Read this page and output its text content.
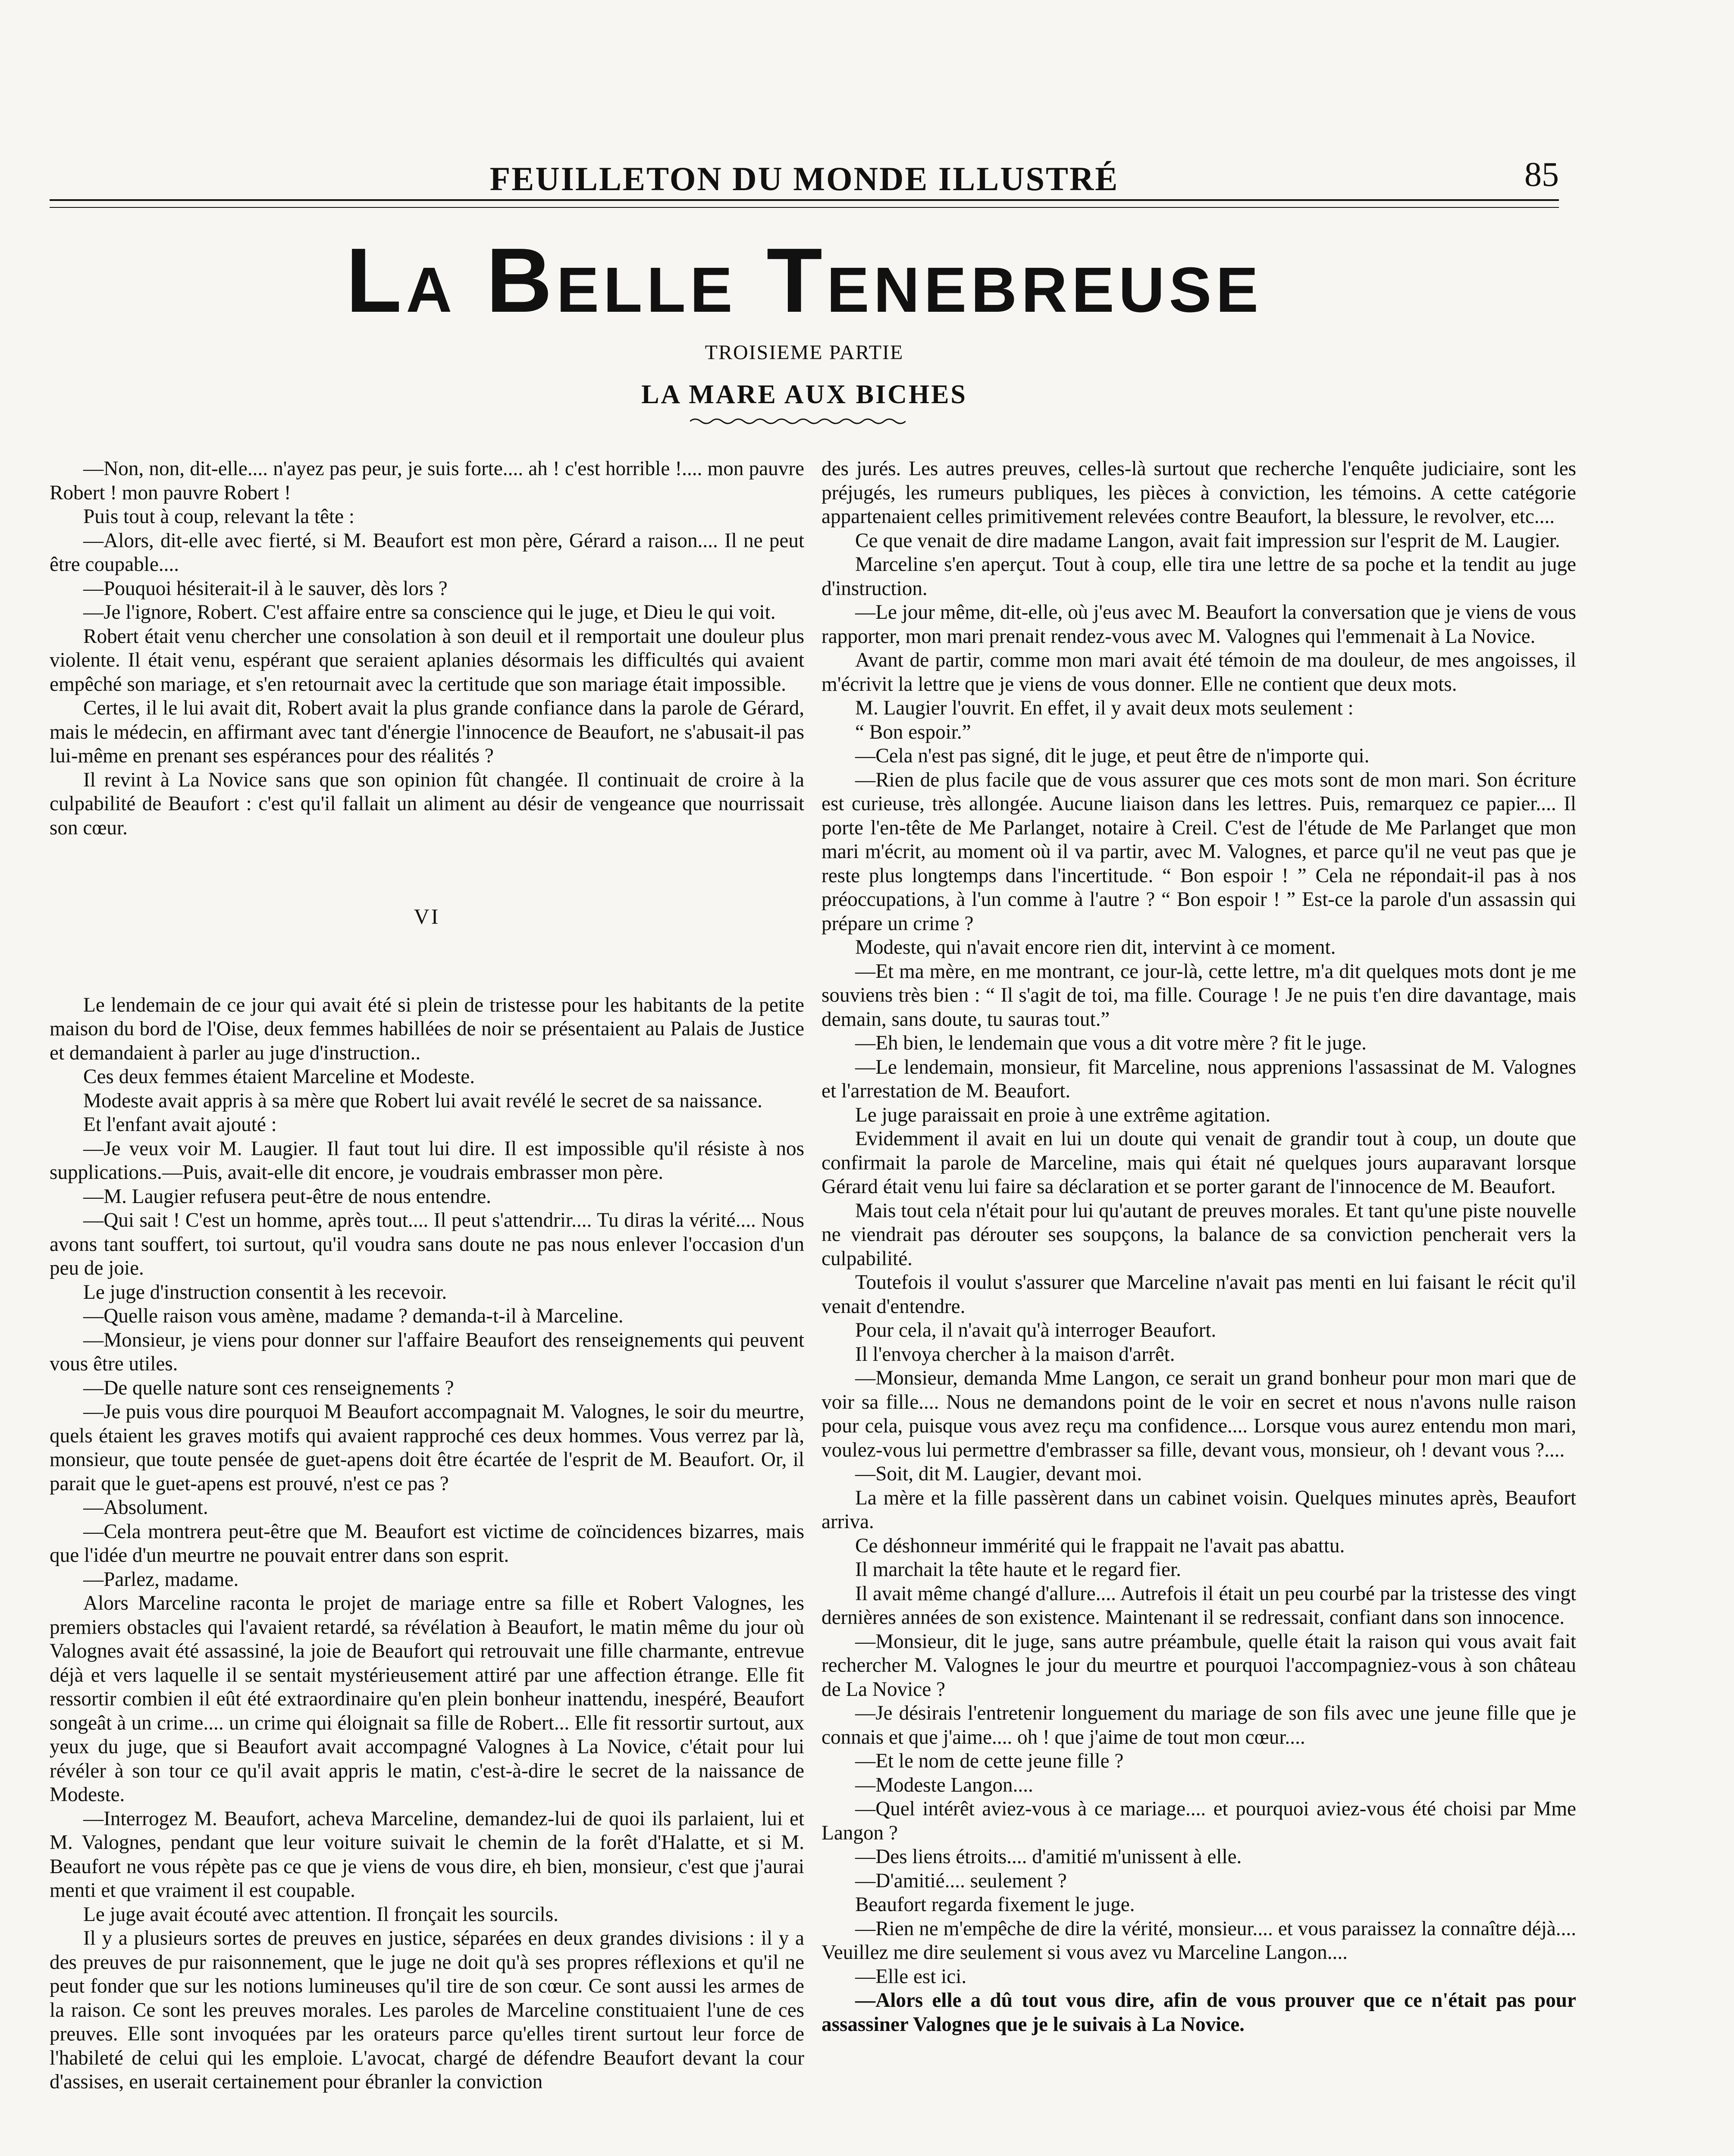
FEUILLETON DU MONDE ILLUSTRÉ	85
La Belle Tenebreuse
TROISIEME PARTIE
LA MARE AUX BICHES

—Non, non, dit-elle.... n'ayez pas peur, je suis forte.... ah ! c'est horrible !.... mon pauvre Robert ! mon pauvre Robert !

Puis tout à coup, relevant la tête :

—Alors, dit-elle avec fierté, si M. Beaufort est mon père, Gérard a raison.... Il ne peut être coupable....

—Pouquoi hésiterait-il à le sauver, dès lors ?

—Je l'ignore, Robert. C'est affaire entre sa conscience qui le juge, et Dieu le qui voit.

Robert était venu chercher une consolation à son deuil et il remportait une douleur plus violente. Il était venu, espérant que seraient aplanies désormais les difficultés qui avaient empêché son mariage, et s'en retournait avec la certitude que son mariage était impossible.

Certes, il le lui avait dit, Robert avait la plus grande confiance dans la parole de Gérard, mais le médecin, en affirmant avec tant d'énergie l'innocence de Beaufort, ne s'abusait-il pas lui-même en prenant ses espérances pour des réalités ?

Il revint à La Novice sans que son opinion fût changée. Il continuait de croire à la culpabilité de Beaufort : c'est qu'il fallait un aliment au désir de vengeance que nourrissait son cœur.

VI

Le lendemain de ce jour qui avait été si plein de tristesse pour les habitants de la petite maison du bord de l'Oise, deux femmes habillées de noir se présentaient au Palais de Justice et demandaient à parler au juge d'instruction..

Ces deux femmes étaient Marceline et Modeste.

Modeste avait appris à sa mère que Robert lui avait revélé le secret de sa naissance.

Et l'enfant avait ajouté :

—Je veux voir M. Laugier. Il faut tout lui dire. Il est impossible qu'il résiste à nos supplications.—Puis, avait-elle dit encore, je voudrais embrasser mon père.

—M. Laugier refusera peut-être de nous entendre.

—Qui sait ! C'est un homme, après tout.... Il peut s'attendrir.... Tu diras la vérité.... Nous avons tant souffert, toi surtout, qu'il voudra sans doute ne pas nous enlever l'occasion d'un peu de joie.

Le juge d'instruction consentit à les recevoir.

—Quelle raison vous amène, madame ? demanda-t-il à Marceline.

—Monsieur, je viens pour donner sur l'affaire Beaufort des renseignements qui peuvent vous être utiles.

—De quelle nature sont ces renseignements ?

—Je puis vous dire pourquoi M Beaufort accompagnait M. Valognes, le soir du meurtre, quels étaient les graves motifs qui avaient rapproché ces deux hommes. Vous verrez par là, monsieur, que toute pensée de guet-apens doit être écartée de l'esprit de M. Beaufort. Or, il parait que le guet-apens est prouvé, n'est ce pas ?

—Absolument.

—Cela montrera peut-être que M. Beaufort est victime de coïncidences bizarres, mais que l'idée d'un meurtre ne pouvait entrer dans son esprit.

—Parlez, madame.

Alors Marceline raconta le projet de mariage entre sa fille et Robert Valognes, les premiers obstacles qui l'avaient retardé, sa révélation à Beaufort, le matin même du jour où Valognes avait été assassiné, la joie de Beaufort qui retrouvait une fille charmante, entrevue déjà et vers laquelle il se sentait mystérieusement attiré par une affection étrange. Elle fit ressortir combien il eût été extraordinaire qu'en plein bonheur inattendu, inespéré, Beaufort songeât à un crime.... un crime qui éloignait sa fille de Robert... Elle fit ressortir surtout, aux yeux du juge, que si Beaufort avait accompagné Valognes à La Novice, c'était pour lui révéler à son tour ce qu'il avait appris le matin, c'est-à-dire le secret de la naissance de Modeste.

—Interrogez M. Beaufort, acheva Marceline, demandez-lui de quoi ils parlaient, lui et M. Valognes, pendant que leur voiture suivait le chemin de la forêt d'Halatte, et si M. Beaufort ne vous répète pas ce que je viens de vous dire, eh bien, monsieur, c'est que j'aurai menti et que vraiment il est coupable.

Le juge avait écouté avec attention. Il fronçait les sourcils.

Il y a plusieurs sortes de preuves en justice, séparées en deux grandes divisions : il y a des preuves de pur raisonnement, que le juge ne doit qu'à ses propres réflexions et qu'il ne peut fonder que sur les notions lumineuses qu'il tire de son cœur. Ce sont aussi les armes de la raison. Ce sont les preuves morales. Les paroles de Marceline constituaient l'une de ces preuves. Elle sont invoquées par les orateurs parce qu'elles tirent surtout leur force de l'habileté de celui qui les emploie. L'avocat, chargé de défendre Beaufort devant la cour d'assises, en userait certainement pour ébranler la conviction

des jurés. Les autres preuves, celles-là surtout que recherche l'enquête judiciaire, sont les préjugés, les rumeurs publiques, les pièces à conviction, les témoins. A cette catégorie appartenaient celles primitivement relevées contre Beaufort, la blessure, le revolver, etc....

Ce que venait de dire madame Langon, avait fait impression sur l'esprit de M. Laugier.

Marceline s'en aperçut. Tout à coup, elle tira une lettre de sa poche et la tendit au juge d'instruction.

—Le jour même, dit-elle, où j'eus avec M. Beaufort la conversation que je viens de vous rapporter, mon mari prenait rendez-vous avec M. Valognes qui l'emmenait à La Novice.

Avant de partir, comme mon mari avait été témoin de ma douleur, de mes angoisses, il m'écrivit la lettre que je viens de vous donner. Elle ne contient que deux mots.

M. Laugier l'ouvrit. En effet, il y avait deux mots seulement :

“ Bon espoir.”

—Cela n'est pas signé, dit le juge, et peut être de n'importe qui.

—Rien de plus facile que de vous assurer que ces mots sont de mon mari. Son écriture est curieuse, très allongée. Aucune liaison dans les lettres. Puis, remarquez ce papier.... Il porte l'en-tête de Me Parlanget, notaire à Creil. C'est de l'étude de Me Parlanget que mon mari m'écrit, au moment où il va partir, avec M. Valognes, et parce qu'il ne veut pas que je reste plus longtemps dans l'incertitude. “ Bon espoir ! ” Cela ne répondait-il pas à nos préoccupations, à l'un comme à l'autre ? “ Bon espoir ! ” Est-ce la parole d'un assassin qui prépare un crime ?

Modeste, qui n'avait encore rien dit, intervint à ce moment.

—Et ma mère, en me montrant, ce jour-là, cette lettre, m'a dit quelques mots dont je me souviens très bien : “ Il s'agit de toi, ma fille. Courage ! Je ne puis t'en dire davantage, mais demain, sans doute, tu sauras tout.”

—Eh bien, le lendemain que vous a dit votre mère ? fit le juge.

—Le lendemain, monsieur, fit Marceline, nous apprenions l'assassinat de M. Valognes et l'arrestation de M. Beaufort.

Le juge paraissait en proie à une extrême agitation.

Evidemment il avait en lui un doute qui venait de grandir tout à coup, un doute que confirmait la parole de Marceline, mais qui était né quelques jours auparavant lorsque Gérard était venu lui faire sa déclaration et se porter garant de l'innocence de M. Beaufort.

Mais tout cela n'était pour lui qu'autant de preuves morales. Et tant qu'une piste nouvelle ne viendrait pas dérouter ses soupçons, la balance de sa conviction pencherait vers la culpabilité.

Toutefois il voulut s'assurer que Marceline n'avait pas menti en lui faisant le récit qu'il venait d'entendre.

Pour cela, il n'avait qu'à interroger Beaufort.

Il l'envoya chercher à la maison d'arrêt.

—Monsieur, demanda Mme Langon, ce serait un grand bonheur pour mon mari que de voir sa fille.... Nous ne demandons point de le voir en secret et nous n'avons nulle raison pour cela, puisque vous avez reçu ma confidence.... Lorsque vous aurez entendu mon mari, voulez-vous lui permettre d'embrasser sa fille, devant vous, monsieur, oh ! devant vous ?....

—Soit, dit M. Laugier, devant moi.

La mère et la fille passèrent dans un cabinet voisin. Quelques minutes après, Beaufort arriva.

Ce déshonneur immérité qui le frappait ne l'avait pas abattu.

Il marchait la tête haute et le regard fier.

Il avait même changé d'allure.... Autrefois il était un peu courbé par la tristesse des vingt dernières années de son existence. Maintenant il se redressait, confiant dans son innocence.

—Monsieur, dit le juge, sans autre préambule, quelle était la raison qui vous avait fait rechercher M. Valognes le jour du meurtre et pourquoi l'accompagniez-vous à son château de La Novice ?

—Je désirais l'entretenir longuement du mariage de son fils avec une jeune fille que je connais et que j'aime.... oh ! que j'aime de tout mon cœur....

—Et le nom de cette jeune fille ?

—Modeste Langon....

—Quel intérêt aviez-vous à ce mariage.... et pourquoi aviez-vous été choisi par Mme Langon ?

—Des liens étroits.... d'amitié m'unissent à elle.

—D'amitié.... seulement ?

Beaufort regarda fixement le juge.

—Rien ne m'empêche de dire la vérité, monsieur.... et vous paraissez la connaître déjà.... Veuillez me dire seulement si vous avez vu Marceline Langon....

—Elle est ici.

—Alors elle a dû tout vous dire, afin de vous prouver que ce n'était pas pour assassiner Valognes que je le suivais à La Novice.
